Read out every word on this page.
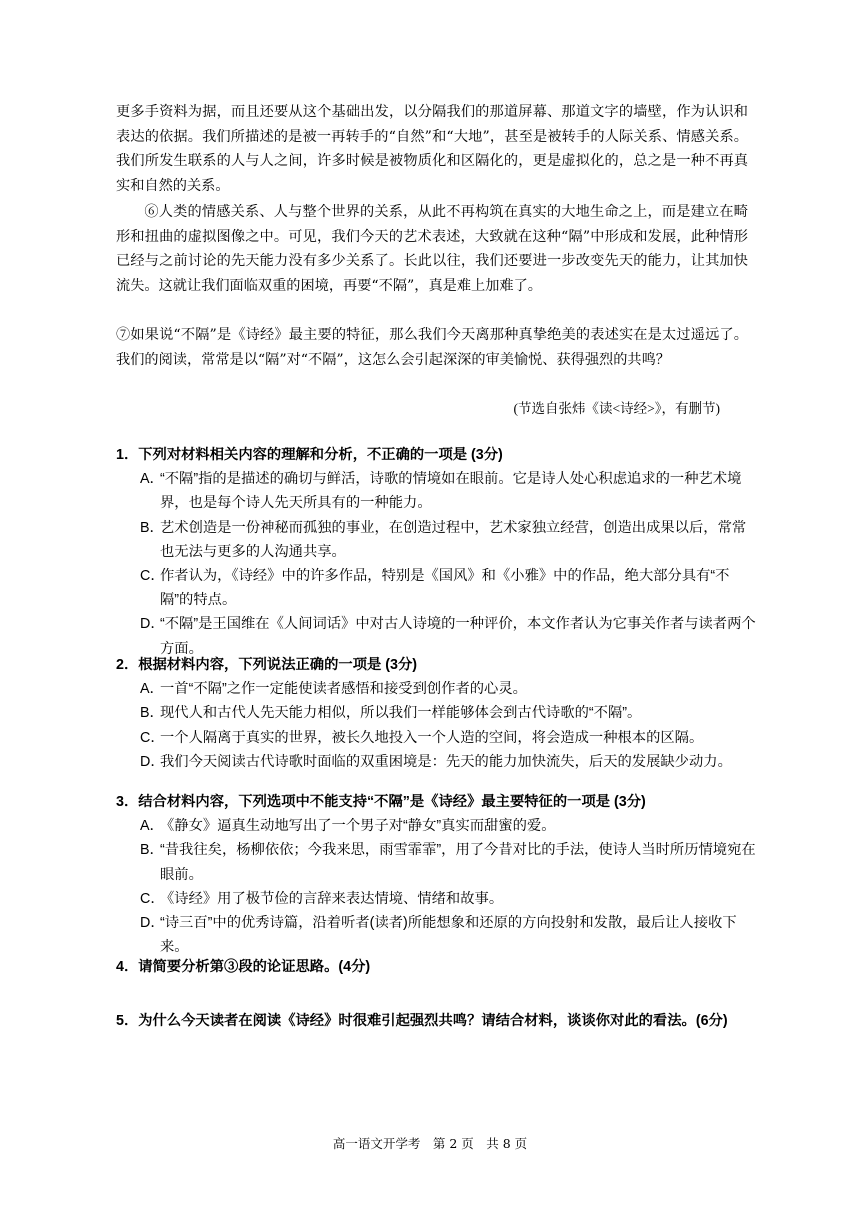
更多手资料为据，而且还要从这个基础出发，以分隔我们的那道屏幕、那道文字的墙壁，作为认识和表达的依据。我们所描述的是被一再转手的“自然”和“大地”，甚至是被转手的人际关系、情感关系。我们所发生联系的人与人之间，许多时候是被物质化和区隔化的，更是虚拟化的，总之是一种不再真实和自然的关系。

⑥人类的情感关系、人与整个世界的关系，从此不再构筑在真实的大地生命之上，而是建立在畸形和扭曲的虚拟图像之中。可见，我们今天的艺术表述，大致就在这种“隔”中形成和发展，此种情形已经与之前讨论的先天能力没有多少关系了。长此以往，我们还要进一步改变先天的能力，让其加快流失。这就让我们面临双重的困境，再要“不隔”，真是难上加难了。

⑦如果说“不隔”是《诗经》最主要的特征，那么我们今天离那种真挚绝美的表述实在是太过遥远了。我们的阅读，常常是以“隔”对“不隔”，这怎么会引起深深的审美愉悦、获得强烈的共鸣？

(节选自张炜《读<诗经>》，有删节)

1．下列对材料相关内容的理解和分析，不正确的一项是 (3分)

A．“不隔”指的是描述的确切与鲜活，诗歌的情境如在眼前。它是诗人处心积虑追求的一种艺术境界，也是每个诗人先天所具有的一种能力。

B．艺术创造是一份神秘而孤独的事业，在创造过程中，艺术家独立经营，创造出成果以后，常常也无法与更多的人沟通共享。

C．作者认为，《诗经》中的许多作品，特别是《国风》和《小雅》中的作品，绝大部分具有“不隔”的特点。

D．“不隔”是王国维在《人间词话》中对古人诗境的一种评价，本文作者认为它事关作者与读者两个方面。

2．根据材料内容，下列说法正确的一项是 (3分)

A．一首“不隔”之作一定能使读者感悟和接受到创作者的心灵。

B．现代人和古代人先天能力相似，所以我们一样能够体会到古代诗歌的“不隔”。

C．一个人隔离于真实的世界，被长久地投入一个人造的空间，将会造成一种根本的区隔。

D．我们今天阅读古代诗歌时面临的双重困境是：先天的能力加快流失，后天的发展缺少动力。

3．结合材料内容，下列选项中不能支持“不隔”是《诗经》最主要特征的一项是 (3分)

A．《静女》逼真生动地写出了一个男子对“静女”真实而甜蜜的爱。

B．“昔我往矣，杨柳依依；今我来思，雨雪霏霏”，用了今昔对比的手法，使诗人当时所历情境宛在眼前。

C．《诗经》用了极节俭的言辞来表达情境、情绪和故事。

D．“诗三百”中的优秀诗篇，沿着听者(读者)所能想象和还原的方向投射和发散，最后让人接收下来。

4．请简要分析第③段的论证思路。(4分)

5．为什么今天读者在阅读《诗经》时很难引起强烈共鸣？请结合材料，谈谈你对此的看法。(6分)

高一语文开学考　第 2 页　共 8 页
